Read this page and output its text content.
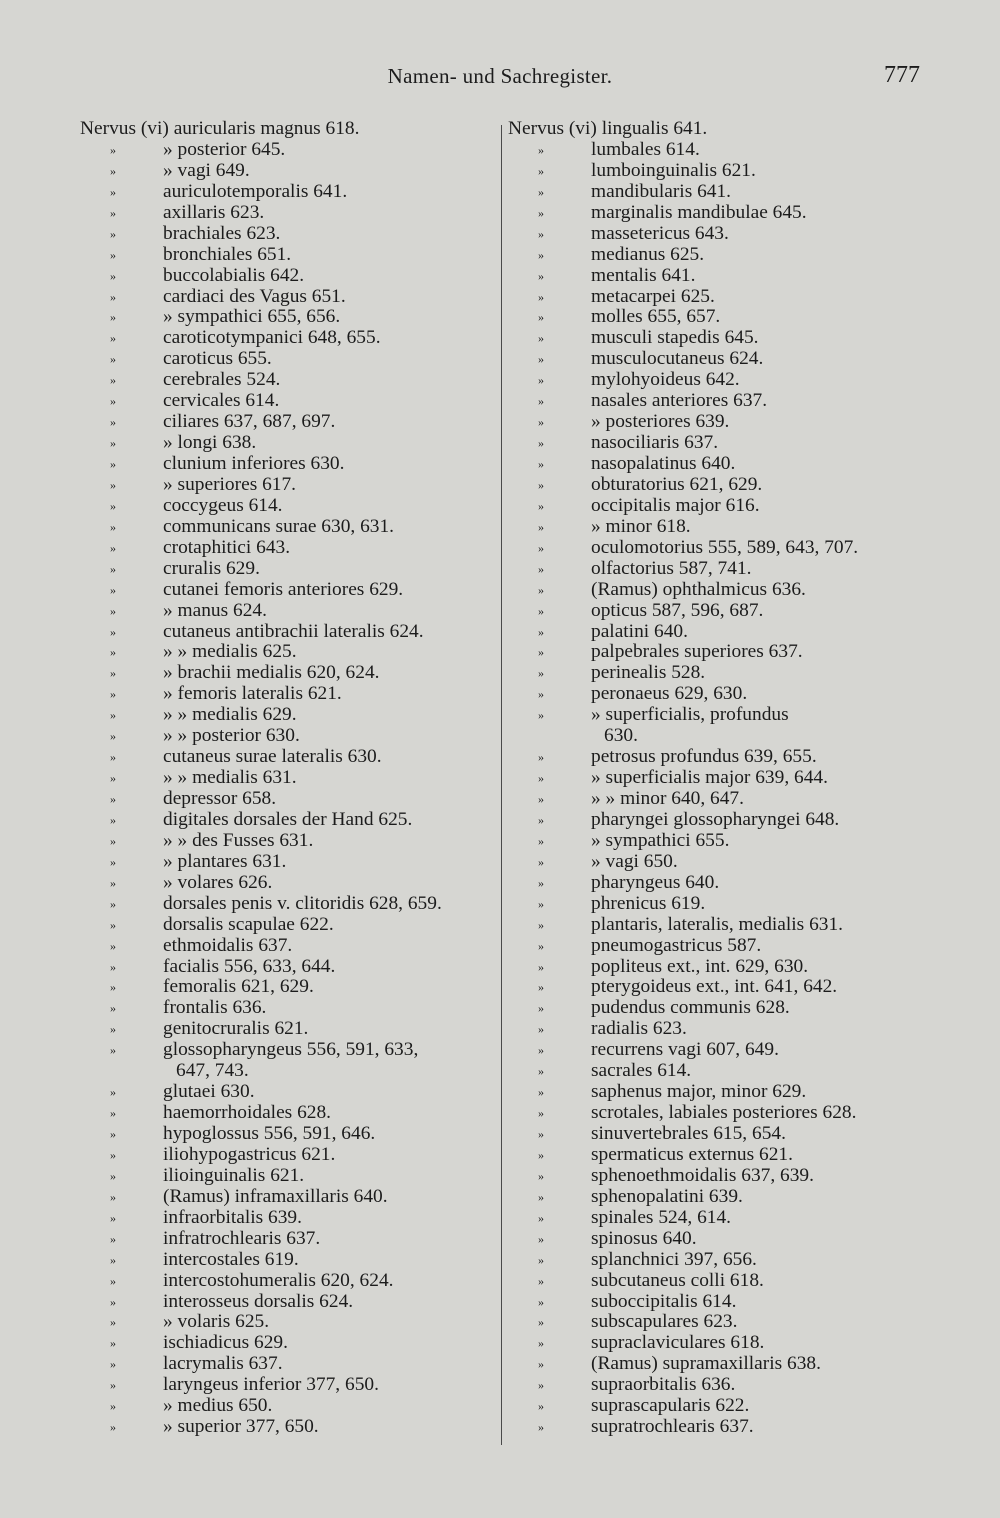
Namen- und Sachregister.	777
Nervus (vi) auricularis magnus 618.
» » posterior 645.
» » vagi 649.
» auriculotemporalis 641.
» axillaris 623.
» brachiales 623.
» bronchiales 651.
» buccolabialis 642.
» cardiaci des Vagus 651.
» » sympathici 655, 656.
» caroticotympanici 648, 655.
» caroticus 655.
» cerebrales 524.
» cervicales 614.
» ciliares 637, 687, 697.
» » longi 638.
» clunium inferiores 630.
» » superiores 617.
» coccygeus 614.
» communicans surae 630, 631.
» crotaphitici 643.
» cruralis 629.
» cutanei femoris anteriores 629.
» » manus 624.
» cutaneus antibrachii lateralis 624.
» » » medialis 625.
» » brachii medialis 620, 624.
» » femoris lateralis 621.
» » » medialis 629.
» » » posterior 630.
» cutaneus surae lateralis 630.
» » » medialis 631.
» depressor 658.
» digitales dorsales der Hand 625.
» » » des Fusses 631.
» » plantares 631.
» » volares 626.
» dorsales penis v. clitoridis 628, 659.
» dorsalis scapulae 622.
» ethmoidalis 637.
» facialis 556, 633, 644.
» femoralis 621, 629.
» frontalis 636.
» genitocruralis 621.
» glossopharyngeus 556, 591, 633,
647, 743.
» glutaei 630.
» haemorrhoidales 628.
» hypoglossus 556, 591, 646.
» iliohypogastricus 621.
» ilioinguinalis 621.
» (Ramus) inframaxillaris 640.
» infraorbitalis 639.
» infratrochlearis 637.
» intercostales 619.
» intercostohumeralis 620, 624.
» interosseus dorsalis 624.
» » volaris 625.
» ischiadicus 629.
» lacrymalis 637.
» laryngeus inferior 377, 650.
» » medius 650.
» » superior 377, 650.
Nervus (vi) lingualis 641.
» lumbales 614.
» lumboinguinalis 621.
» mandibularis 641.
» marginalis mandibulae 645.
» massetericus 643.
» medianus 625.
» mentalis 641.
» metacarpei 625.
» molles 655, 657.
» musculi stapedis 645.
» musculocutaneus 624.
» mylohyoideus 642.
» nasales anteriores 637.
» » posteriores 639.
» nasociliaris 637.
» nasopalatinus 640.
» obturatorius 621, 629.
» occipitalis major 616.
» » minor 618.
» oculomotorius 555, 589, 643, 707.
» olfactorius 587, 741.
» (Ramus) ophthalmicus 636.
» opticus 587, 596, 687.
» palatini 640.
» palpebrales superiores 637.
» perinealis 528.
» peronaeus 629, 630.
» » superficialis, profundus
630.
» petrosus profundus 639, 655.
» » superficialis major 639, 644.
» » » minor 640, 647.
» pharyngei glossopharyngei 648.
» » sympathici 655.
» » vagi 650.
» pharyngeus 640.
» phrenicus 619.
» plantaris, lateralis, medialis 631.
» pneumogastricus 587.
» popliteus ext., int. 629, 630.
» pterygoideus ext., int. 641, 642.
» pudendus communis 628.
» radialis 623.
» recurrens vagi 607, 649.
» sacrales 614.
» saphenus major, minor 629.
» scrotales, labiales posteriores 628.
» sinuvertebrales 615, 654.
» spermaticus externus 621.
» sphenoethmoidalis 637, 639.
» sphenopalatini 639.
» spinales 524, 614.
» spinosus 640.
» splanchnici 397, 656.
» subcutaneus colli 618.
» suboccipitalis 614.
» subscapulares 623.
» supraclaviculares 618.
» (Ramus) supramaxillaris 638.
» supraorbitalis 636.
» suprascapularis 622.
» supratrochlearis 637.
